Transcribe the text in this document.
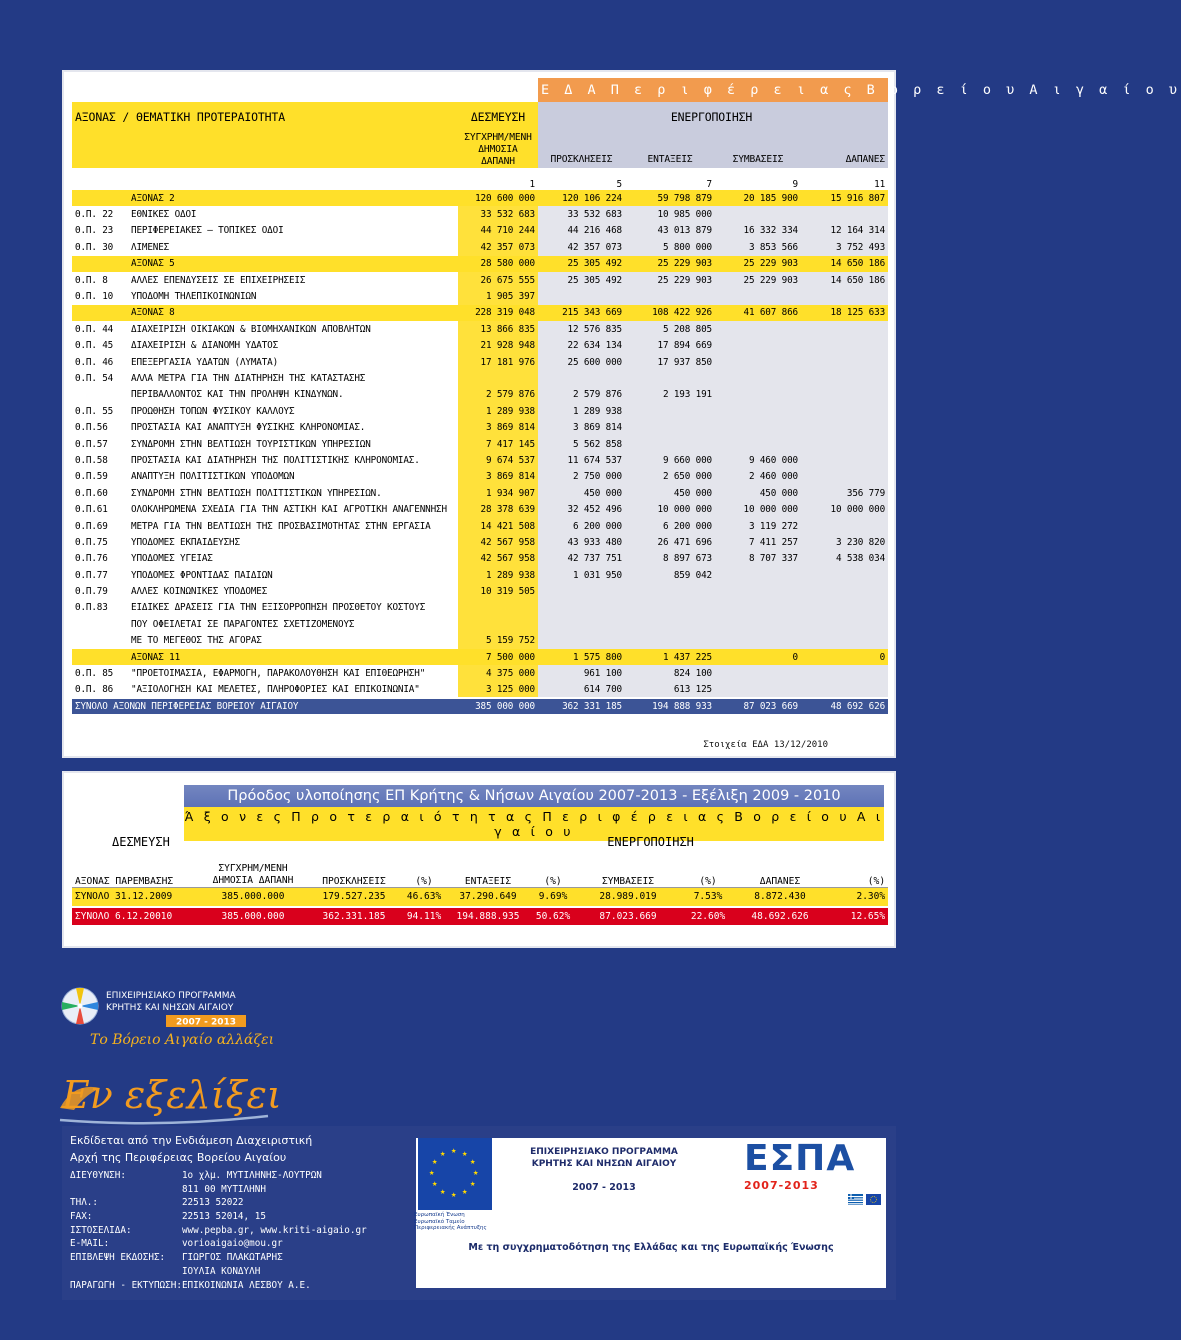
			Ε Δ Α Π ε ρ ι φ έ ρ ε ι α ς Β ο ρ ε ί ο υ Α ι γ α ί ο υ			
ΑΞΟΝΑΣ / ΘΕΜΑΤΙΚΗ ΠΡΟΤΕΡΑΙΟΤΗΤΑ		ΔΕΣΜΕΥΣΗ	ΕΝΕΡΓΟΠΟΙΗΣΗ			
		ΣΥΓΧΡΗΜ/ΜΕΝΗ
ΔΗΜΟΣΙΑ ΔΑΠΑΝΗ	ΠΡΟΣΚΛΗΣΕΙΣ	ΕΝΤΑΞΕΙΣ	ΣΥΜΒΑΣΕΙΣ	ΔΑΠΑΝΕΣ
		1	5	7	9	11
	ΑΞΟΝΑΣ 2	120 600 000	120 106 224	59 798 879	20 185 900	15 916 807
Θ.Π. 22	ΕΘΝΙΚΕΣ ΟΔΟΙ	33 532 683	33 532 683	10 985 000		
Θ.Π. 23	ΠΕΡΙΦΕΡΕΙΑΚΕΣ – ΤΟΠΙΚΕΣ ΟΔΟΙ	44 710 244	44 216 468	43 013 879	16 332 334	12 164 314
Θ.Π. 30	ΛΙΜΕΝΕΣ	42 357 073	42 357 073	5 800 000	3 853 566	3 752 493
	ΑΞΟΝΑΣ 5	28 580 000	25 305 492	25 229 903	25 229 903	14 650 186
Θ.Π. 8	ΑΛΛΕΣ ΕΠΕΝΔΥΣΕΙΣ ΣΕ ΕΠΙΧΕΙΡΗΣΕΙΣ	26 675 555	25 305 492	25 229 903	25 229 903	14 650 186
Θ.Π. 10	ΥΠΟΔΟΜΗ ΤΗΛΕΠΙΚΟΙΝΩΝΙΩΝ	1 905 397				
	ΑΞΟΝΑΣ 8	228 319 048	215 343 669	108 422 926	41 607 866	18 125 633
Θ.Π. 44	ΔΙΑΧΕΙΡΙΣΗ ΟΙΚΙΑΚΩΝ & ΒΙΟΜΗΧΑΝΙΚΩΝ ΑΠΟΒΛΗΤΩΝ	13 866 835	12 576 835	5 208 805		
Θ.Π. 45	ΔΙΑΧΕΙΡΙΣΗ & ΔΙΑΝΟΜΗ ΥΔΑΤΟΣ	21 928 948	22 634 134	17 894 669		
Θ.Π. 46	ΕΠΕΞΕΡΓΑΣΙΑ ΥΔΑΤΩΝ (ΛΥΜΑΤΑ)	17 181 976	25 600 000	17 937 850		
Θ.Π. 54	ΑΛΛΑ ΜΕΤΡΑ ΓΙΑ ΤΗΝ ΔΙΑΤΗΡΗΣΗ ΤΗΣ ΚΑΤΑΣΤΑΣΗΣ					
	ΠΕΡΙΒΑΛΛΟΝΤΟΣ ΚΑΙ ΤΗΝ ΠΡΟΛΗΨΗ ΚΙΝΔΥΝΩΝ.	2 579 876	2 579 876	2 193 191		
Θ.Π. 55	ΠΡΟΩΘΗΣΗ ΤΟΠΩΝ ΦΥΣΙΚΟΥ ΚΑΛΛΟΥΣ	1 289 938	1 289 938			
Θ.Π.56	ΠΡΟΣΤΑΣΙΑ ΚΑΙ ΑΝΑΠΤΥΞΗ ΦΥΣΙΚΗΣ ΚΛΗΡΟΝΟΜΙΑΣ.	3 869 814	3 869 814			
Θ.Π.57	ΣΥΝΔΡΟΜΗ ΣΤΗΝ ΒΕΛΤΙΩΣΗ ΤΟΥΡΙΣΤΙΚΩΝ ΥΠΗΡΕΣΙΩΝ	7 417 145	5 562 858			
Θ.Π.58	ΠΡΟΣΤΑΣΙΑ ΚΑΙ ΔΙΑΤΗΡΗΣΗ ΤΗΣ ΠΟΛΙΤΙΣΤΙΚΗΣ ΚΛΗΡΟΝΟΜΙΑΣ.	9 674 537	11 674 537	9 660 000	9 460 000	
Θ.Π.59	ΑΝΑΠΤΥΞΗ ΠΟΛΙΤΙΣΤΙΚΩΝ ΥΠΟΔΟΜΩΝ	3 869 814	2 750 000	2 650 000	2 460 000	
Θ.Π.60	ΣΥΝΔΡΟΜΗ ΣΤΗΝ ΒΕΛΤΙΩΣΗ ΠΟΛΙΤΙΣΤΙΚΩΝ ΥΠΗΡΕΣΙΩΝ.	1 934 907	450 000	450 000	450 000	356 779
Θ.Π.61	ΟΛΟΚΛΗΡΩΜΕΝΑ ΣΧΕΔΙΑ ΓΙΑ ΤΗΝ ΑΣΤΙΚΗ ΚΑΙ ΑΓΡΟΤΙΚΗ ΑΝΑΓΕΝΝΗΣΗ	28 378 639	32 452 496	10 000 000	10 000 000	10 000 000
Θ.Π.69	ΜΕΤΡΑ ΓΙΑ ΤΗΝ ΒΕΛΤΙΩΣΗ ΤΗΣ ΠΡΟΣΒΑΣΙΜΟΤΗΤΑΣ ΣΤΗΝ ΕΡΓΑΣΙΑ	14 421 508	6 200 000	6 200 000	3 119 272	
Θ.Π.75	ΥΠΟΔΟΜΕΣ ΕΚΠΑΙΔΕΥΣΗΣ	42 567 958	43 933 480	26 471 696	7 411 257	3 230 820
Θ.Π.76	ΥΠΟΔΟΜΕΣ ΥΓΕΙΑΣ	42 567 958	42 737 751	8 897 673	8 707 337	4 538 034
Θ.Π.77	ΥΠΟΔΟΜΕΣ ΦΡΟΝΤΙΔΑΣ ΠΑΙΔΙΩΝ	1 289 938	1 031 950	859 042		
Θ.Π.79	ΑΛΛΕΣ ΚΟΙΝΩΝΙΚΕΣ ΥΠΟΔΟΜΕΣ	10 319 505				
Θ.Π.83	ΕΙΔΙΚΕΣ ΔΡΑΣΕΙΣ ΓΙΑ ΤΗΝ ΕΞΙΣΟΡΡΟΠΗΣΗ ΠΡΟΣΘΕΤΟΥ ΚΟΣΤΟΥΣ					
	ΠΟΥ ΟΦΕΙΛΕΤΑΙ ΣΕ ΠΑΡΑΓΟΝΤΕΣ ΣΧΕΤΙΖΟΜΕΝΟΥΣ					
	ΜΕ ΤΟ ΜΕΓΕΘΟΣ ΤΗΣ ΑΓΟΡΑΣ	5 159 752				
	ΑΞΟΝΑΣ 11	7 500 000	1 575 800	1 437 225	0	0
Θ.Π. 85	"ΠΡΟΕΤΟΙΜΑΣΙΑ, ΕΦΑΡΜΟΓΗ, ΠΑΡΑΚΟΛΟΥΘΗΣΗ ΚΑΙ ΕΠΙΘΕΩΡΗΣΗ"	4 375 000	961 100	824 100		
Θ.Π. 86	"ΑΞΙΟΛΟΓΗΣΗ ΚΑΙ ΜΕΛΕΤΕΣ, ΠΛΗΡΟΦΟΡΙΕΣ ΚΑΙ ΕΠΙΚΟΙΝΩΝΙΑ"	3 125 000	614 700	613 125		
ΣΥΝΟΛΟ ΑΞΟΝΩΝ ΠΕΡΙΦΕΡΕΙΑΣ ΒΟΡΕΙΟΥ ΑΙΓΑΙΟΥ		385 000 000	362 331 185	194 888 933	87 023 669	48 692 626
Στοιχεία ΕΔΑ 13/12/2010
Πρόοδος υλοποίησης ΕΠ Κρήτης & Νήσων Αιγαίου 2007-2013 - Εξέλιξη 2009 - 2010
Ά ξ ο ν ε ς Π ρ ο τ ε ρ α ι ό τ η τ α ς Π ε ρ ι φ έ ρ ε ι α ς Β ο ρ ε ί ο υ Α ι γ α ί ο υ
ΔΕΣΜΕΥΣΗ		ΕΝΕΡΓΟΠΟΙΗΣΗ							
ΑΞΟΝΑΣ ΠΑΡΕΜΒΑΣΗΣ	ΣΥΓΧΡΗΜ/ΜΕΝΗ
ΔΗΜΟΣΙΑ ΔΑΠΑΝΗ	ΠΡΟΣΚΛΗΣΕΙΣ	(%)	ΕΝΤΑΞΕΙΣ	(%)	ΣΥΜΒΑΣΕΙΣ	(%)	ΔΑΠΑΝΕΣ	(%)
ΣΥΝΟΛΟ 31.12.2009	385.000.000	179.527.235	46.63%	37.290.649	9.69%	28.989.019	7.53%	8.872.430	2.30%
ΣΥΝΟΛΟ 6.12.20010	385.000.000	362.331.185	94.11%	194.888.935	50.62%	87.023.669	22.60%	48.692.626	12.65%
ΕΠΙΧΕΙΡΗΣΙΑΚΟ ΠΡΟΓΡΑΜΜΑ
ΚΡΗΤΗΣ ΚΑΙ ΝΗΣΩΝ ΑΙΓΑΙΟΥ
2007 - 2013
Το Βόρειο Αιγαίο αλλάζει
Εν εξελίξει
Εκδίδεται από την Ενδιάμεση Διαχειριστική
Αρχή της Περιφέρειας Βορείου Αιγαίου
ΔΙΕΥΘΥΝΣΗ:	1ο χλμ. ΜΥΤΙΛΗΝΗΣ-ΛΟΥΤΡΩΝ
	811 00 ΜΥΤΙΛΗΝΗ
ΤΗΛ.:	22513 52022
FAX:	22513 52014, 15
ΙΣΤΟΣΕΛΙΔΑ:	www.pepba.gr, www.kriti-aigaio.gr
E-MAIL:	vorioaigaio@mou.gr
ΕΠΙΒΛΕΨΗ ΕΚΔΟΣΗΣ:	ΓΙΩΡΓΟΣ ΠΛΑΚΩΤΑΡΗΣ
	ΙΟΥΛΙΑ ΚΟΝΔΥΛΗ
ΠΑΡΑΓΩΓΗ - ΕΚΤΥΠΩΣΗ:	ΕΠΙΚΟΙΝΩΝΙΑ ΛΕΣΒΟΥ Α.Ε.
★
★
★
★
★
★
★
★
★ ★ ★
★
Ευρωπαϊκή Ένωση
Ευρωπαϊκό Ταμείο
Περιφερειακής Ανάπτυξης
ΕΠΙΧΕΙΡΗΣΙΑΚΟ ΠΡΟΓΡΑΜΜΑ
ΚΡΗΤΗΣ ΚΑΙ ΝΗΣΩΝ ΑΙΓΑΙΟΥ
2007 - 2013
ΕΣΠΑ
2007-2013
Με τη συγχρηματοδότηση της Ελλάδας και της Ευρωπαϊκής Ένωσης
